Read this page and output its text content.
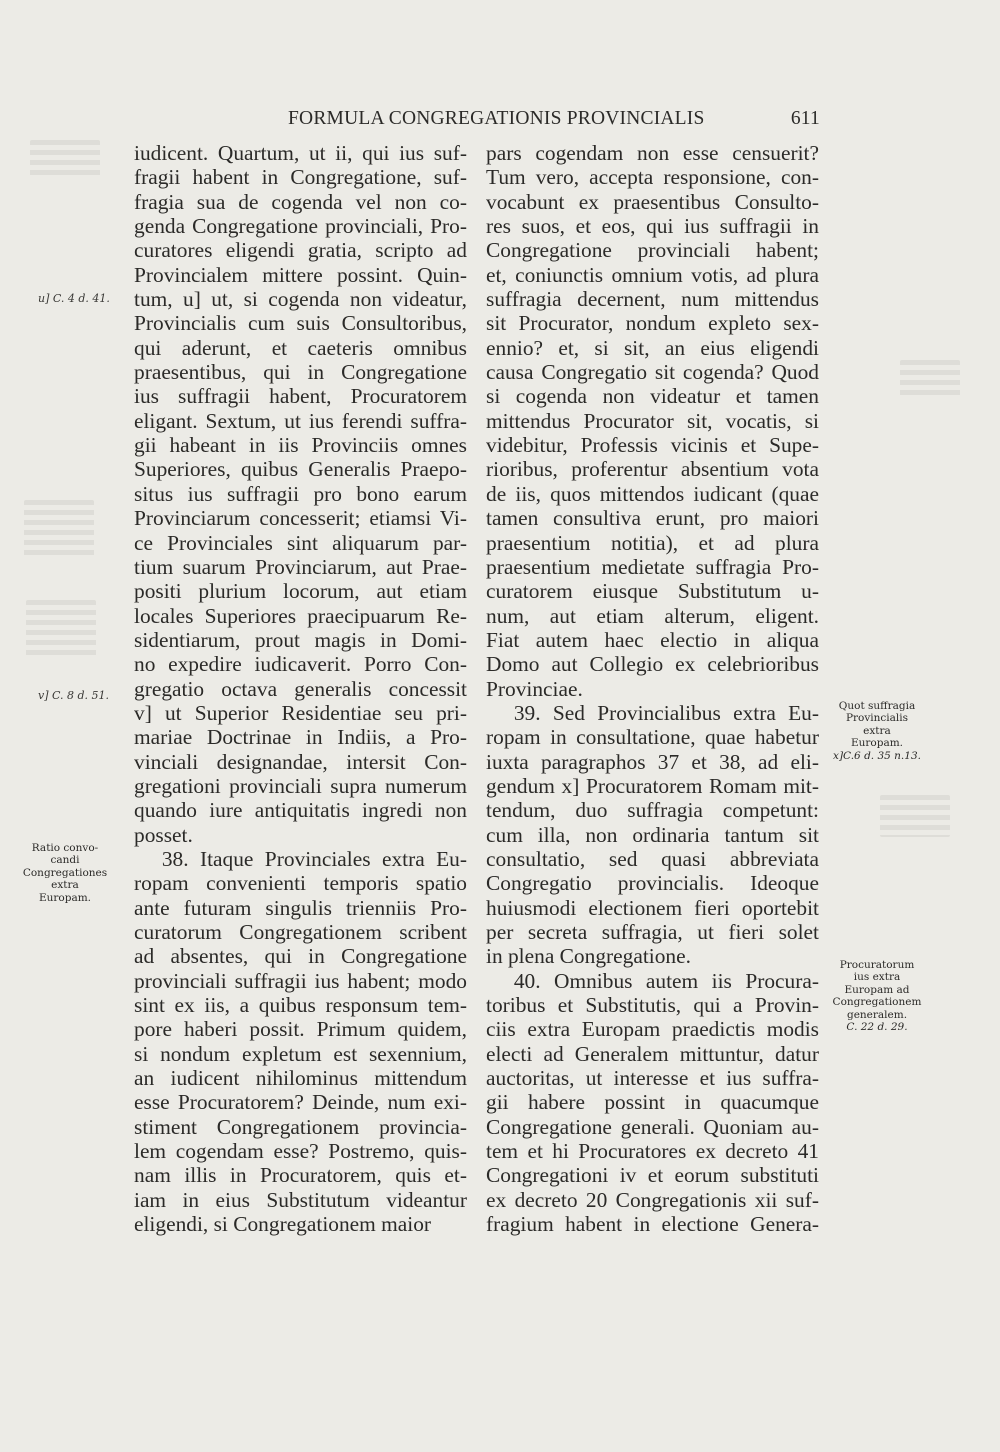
FORMULA CONGREGATIONIS PROVINCIALIS	611
iudicent. Quartum, ut ii, qui ius suf-
fragii habent in Congregatione, suf-
fragia sua de cogenda vel non co-
genda Congregatione provinciali, Pro-
curatores eligendi gratia, scripto ad
Provincialem mittere possint. Quin-
tum, u] ut, si cogenda non videatur,
Provincialis cum suis Consultoribus,
qui aderunt, et caeteris omnibus
praesentibus, qui in Congregatione
ius suffragii habent, Procuratorem
eligant. Sextum, ut ius ferendi suffra-
gii habeant in iis Provinciis omnes
Superiores, quibus Generalis Praepo-
situs ius suffragii pro bono earum
Provinciarum concesserit; etiamsi Vi-
ce Provinciales sint aliquarum par-
tium suarum Provinciarum, aut Prae-
positi plurium locorum, aut etiam
locales Superiores praecipuarum Re-
sidentiarum, prout magis in Domi-
no expedire iudicaverit. Porro Con-
gregatio octava generalis concessit
v] ut Superior Residentiae seu pri-
mariae Doctrinae in Indiis, a Pro-
vinciali designandae, intersit Con-
gregationi provinciali supra numerum
quando iure antiquitatis ingredi non
posset.
38. Itaque Provinciales extra Eu-
ropam convenienti temporis spatio
ante futuram singulis trienniis Pro-
curatorum Congregationem scribent
ad absentes, qui in Congregatione
provinciali suffragii ius habent; modo
sint ex iis, a quibus responsum tem-
pore haberi possit. Primum quidem,
si nondum expletum est sexennium,
an iudicent nihilominus mittendum
esse Procuratorem? Deinde, num exi-
stiment Congregationem provincia-
lem cogendam esse? Postremo, quis-
nam illis in Procuratorem, quis et-
iam in eius Substitutum videantur
eligendi, si Congregationem maior
pars cogendam non esse censuerit?
Tum vero, accepta responsione, con-
vocabunt ex praesentibus Consulto-
res suos, et eos, qui ius suffragii in
Congregatione provinciali habent;
et, coniunctis omnium votis, ad plura
suffragia decernent, num mittendus
sit Procurator, nondum expleto sex-
ennio? et, si sit, an eius eligendi
causa Congregatio sit cogenda? Quod
si cogenda non videatur et tamen
mittendus Procurator sit, vocatis, si
videbitur, Professis vicinis et Supe-
rioribus, proferentur absentium vota
de iis, quos mittendos iudicant (quae
tamen consultiva erunt, pro maiori
praesentium notitia), et ad plura
praesentium medietate suffragia Pro-
curatorem eiusque Substitutum u-
num, aut etiam alterum, eligent.
Fiat autem haec electio in aliqua
Domo aut Collegio ex celebrioribus
Provinciae.
39. Sed Provincialibus extra Eu-
ropam in consultatione, quae habetur
iuxta paragraphos 37 et 38, ad eli-
gendum x] Procuratorem Romam mit-
tendum, duo suffragia competunt:
cum illa, non ordinaria tantum sit
consultatio, sed quasi abbreviata
Congregatio provincialis. Ideoque
huiusmodi electionem fieri oportebit
per secreta suffragia, ut fieri solet
in plena Congregatione.
40. Omnibus autem iis Procura-
toribus et Substitutis, qui a Provin-
ciis extra Europam praedictis modis
electi ad Generalem mittuntur, datur
auctoritas, ut interesse et ius suffra-
gii habere possint in quacumque
Congregatione generali. Quoniam au-
tem et hi Procuratores ex decreto 41
Congregationi iv et eorum substituti
ex decreto 20 Congregationis xii suf-
fragium habent in electione Genera-
u] C. 4 d. 41.
v] C. 8 d. 51.
Ratio convo-
candi
Congregationes
extra
Europam.
Quot suffragia
Provincialis
extra
Europam.
x]C.6 d. 35 n.13.
Procuratorum
ius extra
Europam ad
Congregationem
generalem.
C. 22 d. 29.
